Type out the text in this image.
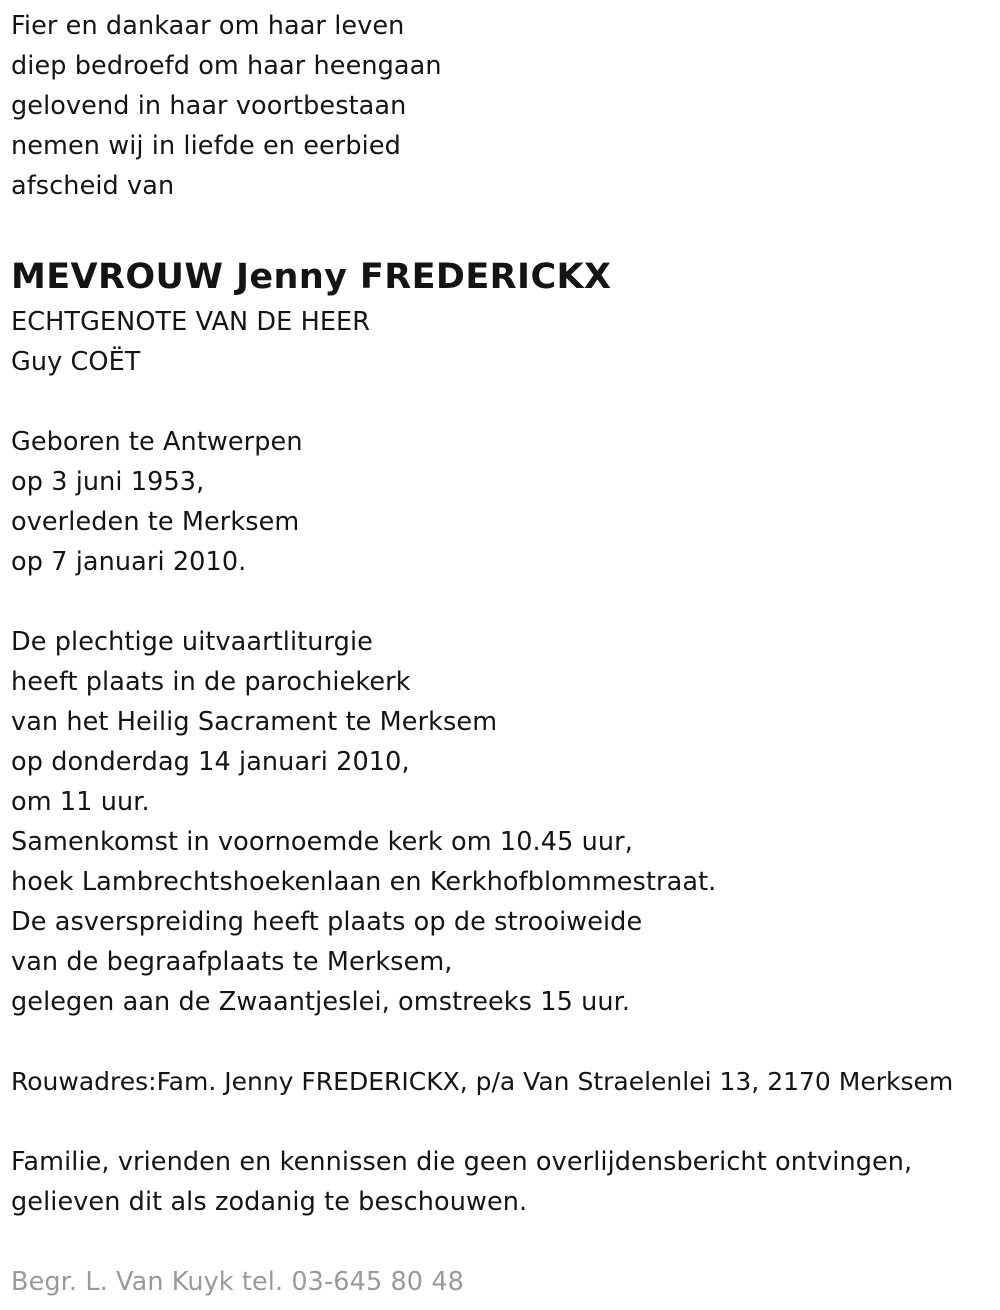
Fier en dankaar om haar leven
diep bedroefd om haar heengaan
gelovend in haar voortbestaan
nemen wij in liefde en eerbied
afscheid van
MEVROUW Jenny FREDERICKX
ECHTGENOTE VAN DE HEER
Guy COËT
Geboren te Antwerpen
op 3 juni 1953,
overleden te Merksem
op 7 januari 2010.
De plechtige uitvaartliturgie
heeft plaats in de parochiekerk
van het Heilig Sacrament te Merksem
op donderdag 14 januari 2010,
om 11 uur.
Samenkomst in voornoemde kerk om 10.45 uur,
hoek Lambrechtshoekenlaan en Kerkhofblommestraat.
De asverspreiding heeft plaats op de strooiweide
van de begraafplaats te Merksem,
gelegen aan de Zwaantjeslei, omstreeks 15 uur.
Rouwadres:Fam. Jenny FREDERICKX, p/a Van Straelenlei 13, 2170 Merksem
Familie, vrienden en kennissen die geen overlijdensbericht ontvingen,
gelieven dit als zodanig te beschouwen.
Begr. L. Van Kuyk tel. 03-645 80 48
